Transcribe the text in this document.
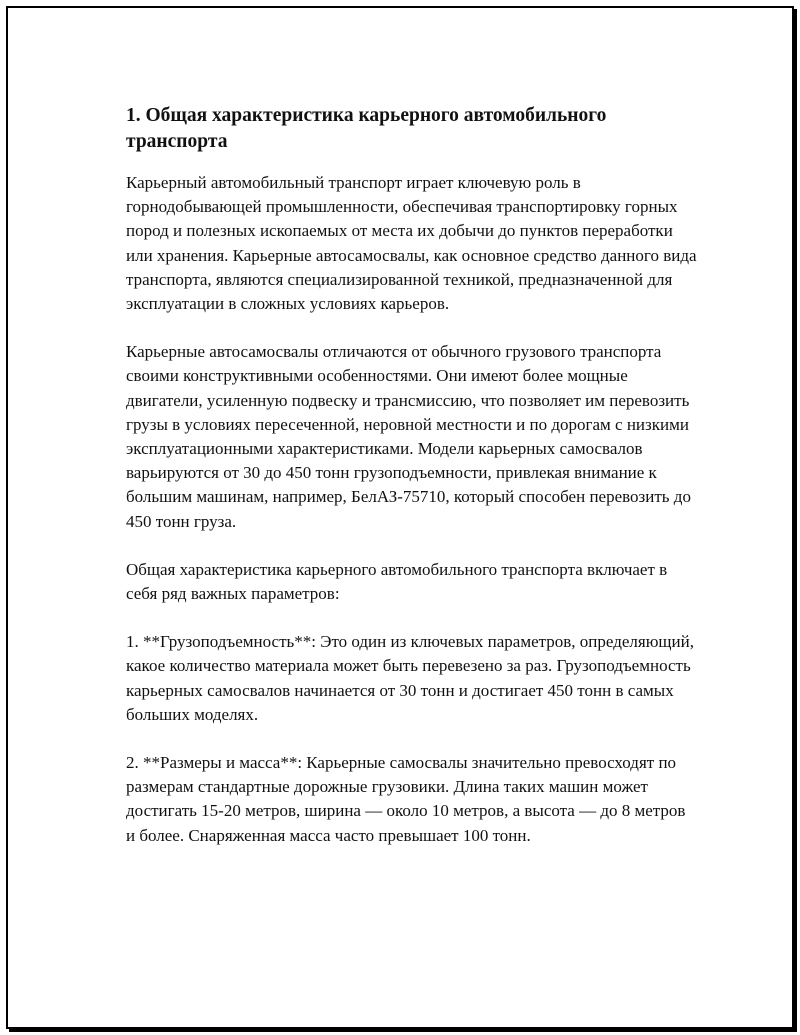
1. Общая характеристика карьерного автомобильного транспорта

Карьерный автомобильный транспорт играет ключевую роль в горнодобывающей промышленности, обеспечивая транспортировку горных пород и полезных ископаемых от места их добычи до пунктов переработки или хранения. Карьерные автосамосвалы, как основное средство данного вида транспорта, являются специализированной техникой, предназначенной для эксплуатации в сложных условиях карьеров.

Карьерные автосамосвалы отличаются от обычного грузового транспорта своими конструктивными особенностями. Они имеют более мощные двигатели, усиленную подвеску и трансмиссию, что позволяет им перевозить грузы в условиях пересеченной, неровной местности и по дорогам с низкими эксплуатационными характеристиками. Модели карьерных самосвалов варьируются от 30 до 450 тонн грузоподъемности, привлекая внимание к большим машинам, например, БелАЗ-75710, который способен перевозить до 450 тонн груза.

Общая характеристика карьерного автомобильного транспорта включает в себя ряд важных параметров:

1. **Грузоподъемность**: Это один из ключевых параметров, определяющий, какое количество материала может быть перевезено за раз. Грузоподъемность карьерных самосвалов начинается от 30 тонн и достигает 450 тонн в самых больших моделях.

2. **Размеры и масса**: Карьерные самосвалы значительно превосходят по размерам стандартные дорожные грузовики. Длина таких машин может достигать 15-20 метров, ширина — около 10 метров, а высота — до 8 метров и более. Снаряженная масса часто превышает 100 тонн.
